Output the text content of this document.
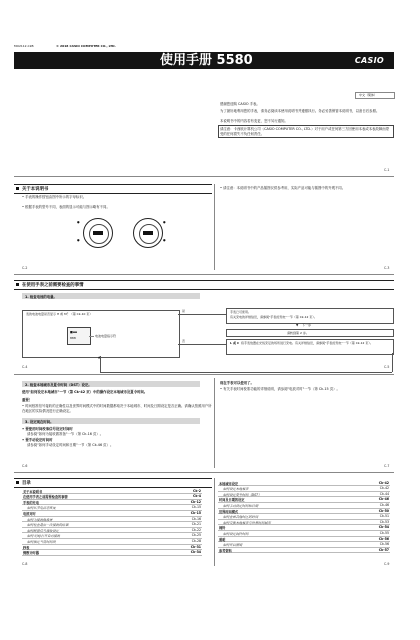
MO2112-CkB	© 2018 CASIO COMPUTER CO., LTD.
使用手册 5580	CASIO
中文（简体）
感谢您选购 CASIO 手表。
为了最好地利用您的手表，请务必阅读本使用说明书并遵照执行。务必妥善保管本说明书，以备日后参照。
本说明书中的内容若有变更，恕不另行通知。
请注意：卡西欧计算机公司（CASIO COMPUTER CO., LTD.）对于用户或任何第三方因使用本表或本表故障而蒙受的任何损失不负任何责任。
C-1
关于本说明书
• 手表的操作按钮由图中所示的字母标识。
• 根据手表的型号不同，表面的显示可能与图示略有不同。
●
●
●
●
• 请注意：本说明书中的产品插图仅供参考用，实际产品可能与插图中的外观不同。
C-2	C-3
在使用手表之前需要检查的事情
1. 检查电池的电量。
表的电池电量是否显示 H 或 M？（第 Ck-10 页）
■▪▪
888	电池电量指示符
是	手表已可使用。
有关充电的详细信息，请参阅"手表的充电"一节（第 Ck-12 页）。
▼ 下一步
请转到第 2 步。
否	L 或 C 将手表放置在光线充足的场所进行充电。有关详细信息，请参阅"手表的充电"一节（第 Ck-12 页）。
▲
C-4	C-5
2. 检查本地城市及夏令时间（DST）设定。
使用"如何设定本地城市"一节（第 Ck-42 页）中的操作设定本地城市及夏令时间。
重要！
• 时间校准信号接收的正确性以及世界时间模式中的时间数据都取决于本地城市、时间及日期设定是否正确。请确认按照用户所在地区的实际情况进行正确设定。
3. 设定现在时间。
• 要使用时间校准信号设定时间时
请参阅"如何为接收做准备"一节（第 Ck-16 页）。
• 要手动设定时间时
请参阅"如何手动设定时间和日期"一节（第 Ck-46 页）。
现在手表可以使用了。
• 有关手表时间校准功能的详细说明，请参阅"电波对时"一节（第 Ck-15 页）。
C-6	C-7
目录
关于本说明书	Ck-2
在使用手表之前需要检查的事情	Ck-4
手表的充电	Ck-12
如何从节电状态恢复	Ck-15
电波对时	Ck-15
如何为接收做准备	Ck-16
如何检查最后一次接收的结果	Ck-21
如何配置信号接收设定	Ck-22
如何关闭/打开自动接收	Ck-25
如何指定当前时间段	Ck-28
秒表	Ck-31
倒数计时器	Ck-34
本地城市设定	Ck-42
如何设定本地城市	Ck-42
如何设定夏令时间（DST）	Ck-44
时间及日期的设定	Ck-46
如何手动设定时间和日期	Ck-46
世界时间模式	Ck-50
如何查看其他时区的时间	Ck-51
如何交换本地城市与世界时间城市	Ck-53
闹铃	Ck-54
如何设定闹铃时间	Ck-55
照明	Ck-56
如何开启照明	Ck-56
参考资料	Ck-57
C-8	C-9
